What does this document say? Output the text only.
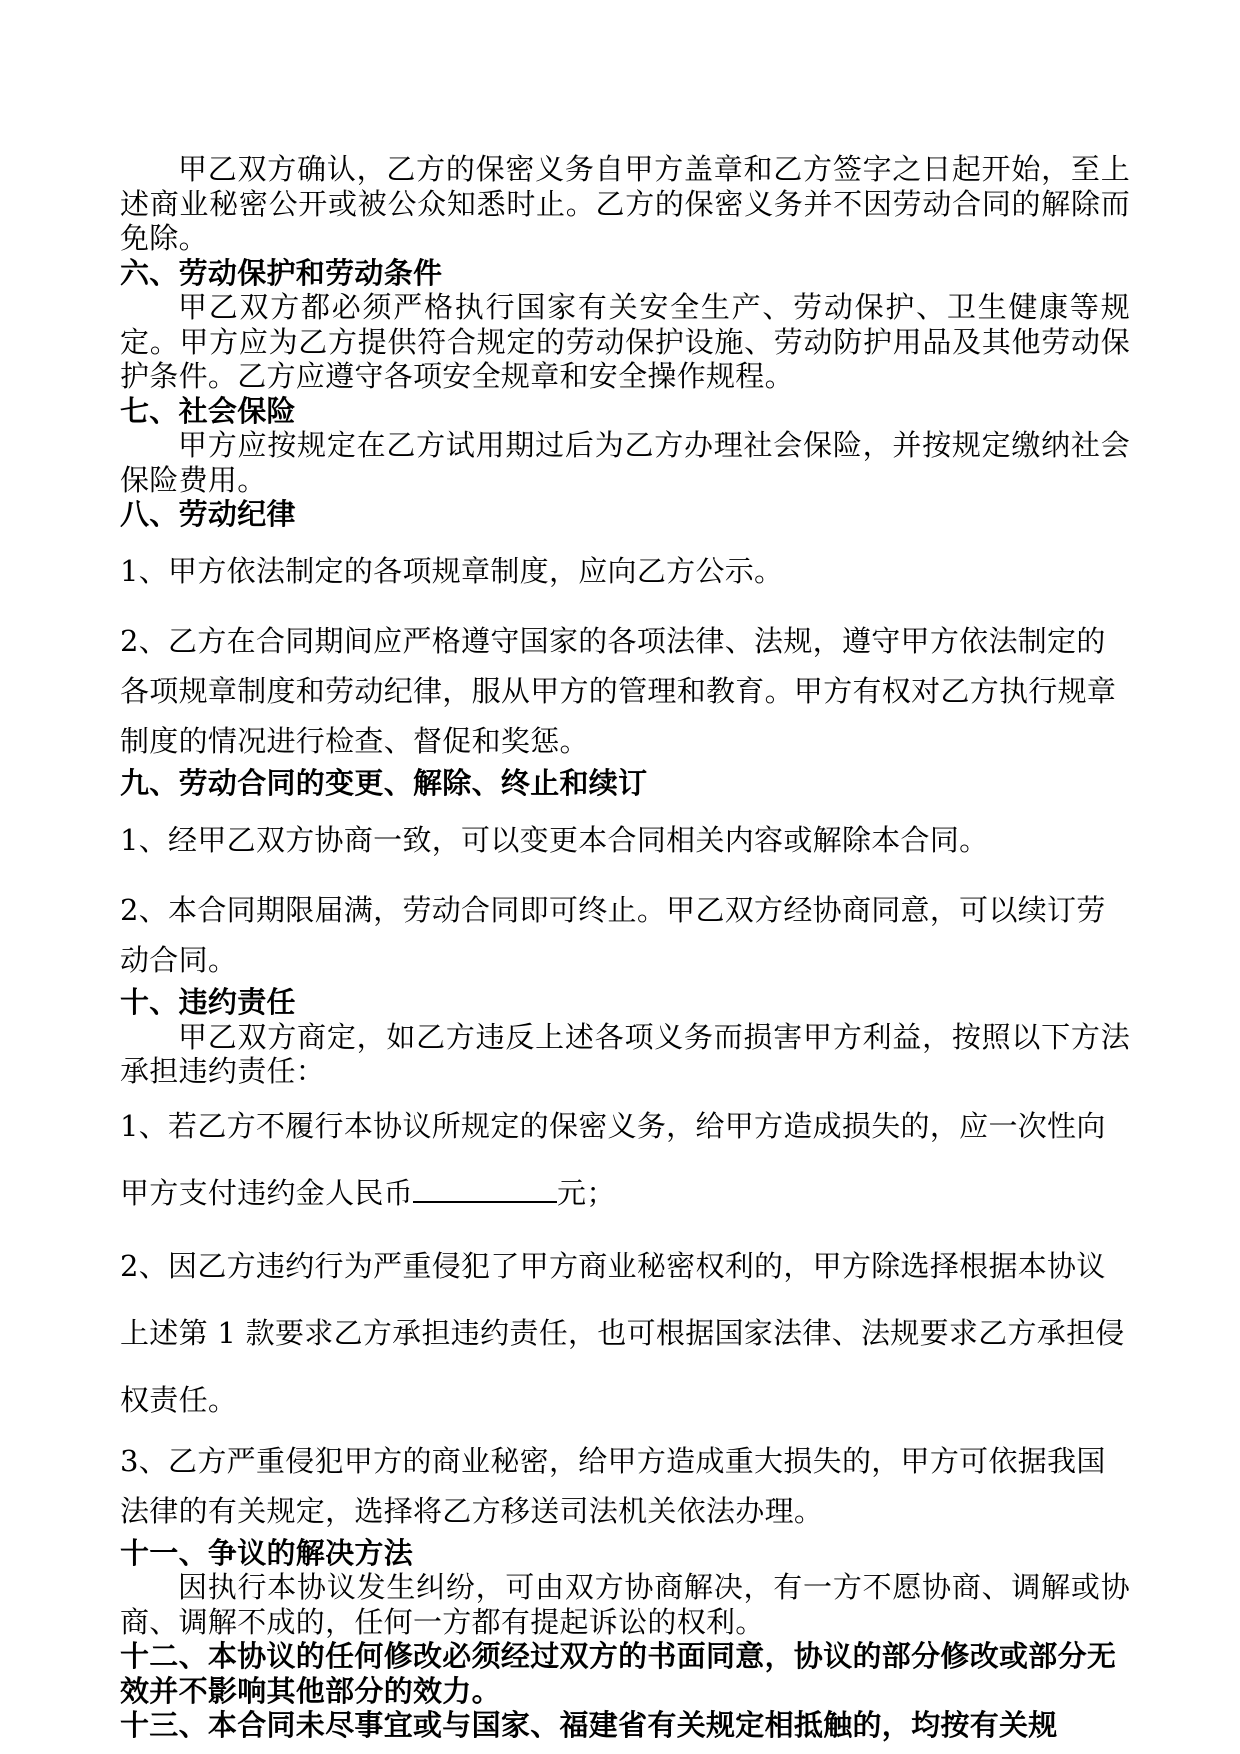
甲乙双方确认，乙方的保密义务自甲方盖章和乙方签字之日起开始，至上述商业秘密公开或被公众知悉时止。乙方的保密义务并不因劳动合同的解除而免除。

六、劳动保护和劳动条件

甲乙双方都必须严格执行国家有关安全生产、劳动保护、卫生健康等规定。甲方应为乙方提供符合规定的劳动保护设施、劳动防护用品及其他劳动保护条件。乙方应遵守各项安全规章和安全操作规程。

七、社会保险

甲方应按规定在乙方试用期过后为乙方办理社会保险，并按规定缴纳社会保险费用。

八、劳动纪律

1、甲方依法制定的各项规章制度，应向乙方公示。

2、乙方在合同期间应严格遵守国家的各项法律、法规，遵守甲方依法制定的各项规章制度和劳动纪律，服从甲方的管理和教育。甲方有权对乙方执行规章制度的情况进行检查、督促和奖惩。

九、劳动合同的变更、解除、终止和续订

1、经甲乙双方协商一致，可以变更本合同相关内容或解除本合同。

2、本合同期限届满，劳动合同即可终止。甲乙双方经协商同意，可以续订劳动合同。

十、违约责任

甲乙双方商定，如乙方违反上述各项义务而损害甲方利益，按照以下方法承担违约责任：

1、若乙方不履行本协议所规定的保密义务，给甲方造成损失的，应一次性向甲方支付违约金人民币	元；

2、因乙方违约行为严重侵犯了甲方商业秘密权利的，甲方除选择根据本协议上述第 1 款要求乙方承担违约责任，也可根据国家法律、法规要求乙方承担侵权责任。

3、乙方严重侵犯甲方的商业秘密，给甲方造成重大损失的，甲方可依据我国法律的有关规定，选择将乙方移送司法机关依法办理。

十一、争议的解决方法

因执行本协议发生纠纷，可由双方协商解决，有一方不愿协商、调解或协商、调解不成的，任何一方都有提起诉讼的权利。

十二、本协议的任何修改必须经过双方的书面同意，协议的部分修改或部分无效并不影响其他部分的效力。

十三、本合同未尽事宜或与国家、福建省有关规定相抵触的，均按有关规
